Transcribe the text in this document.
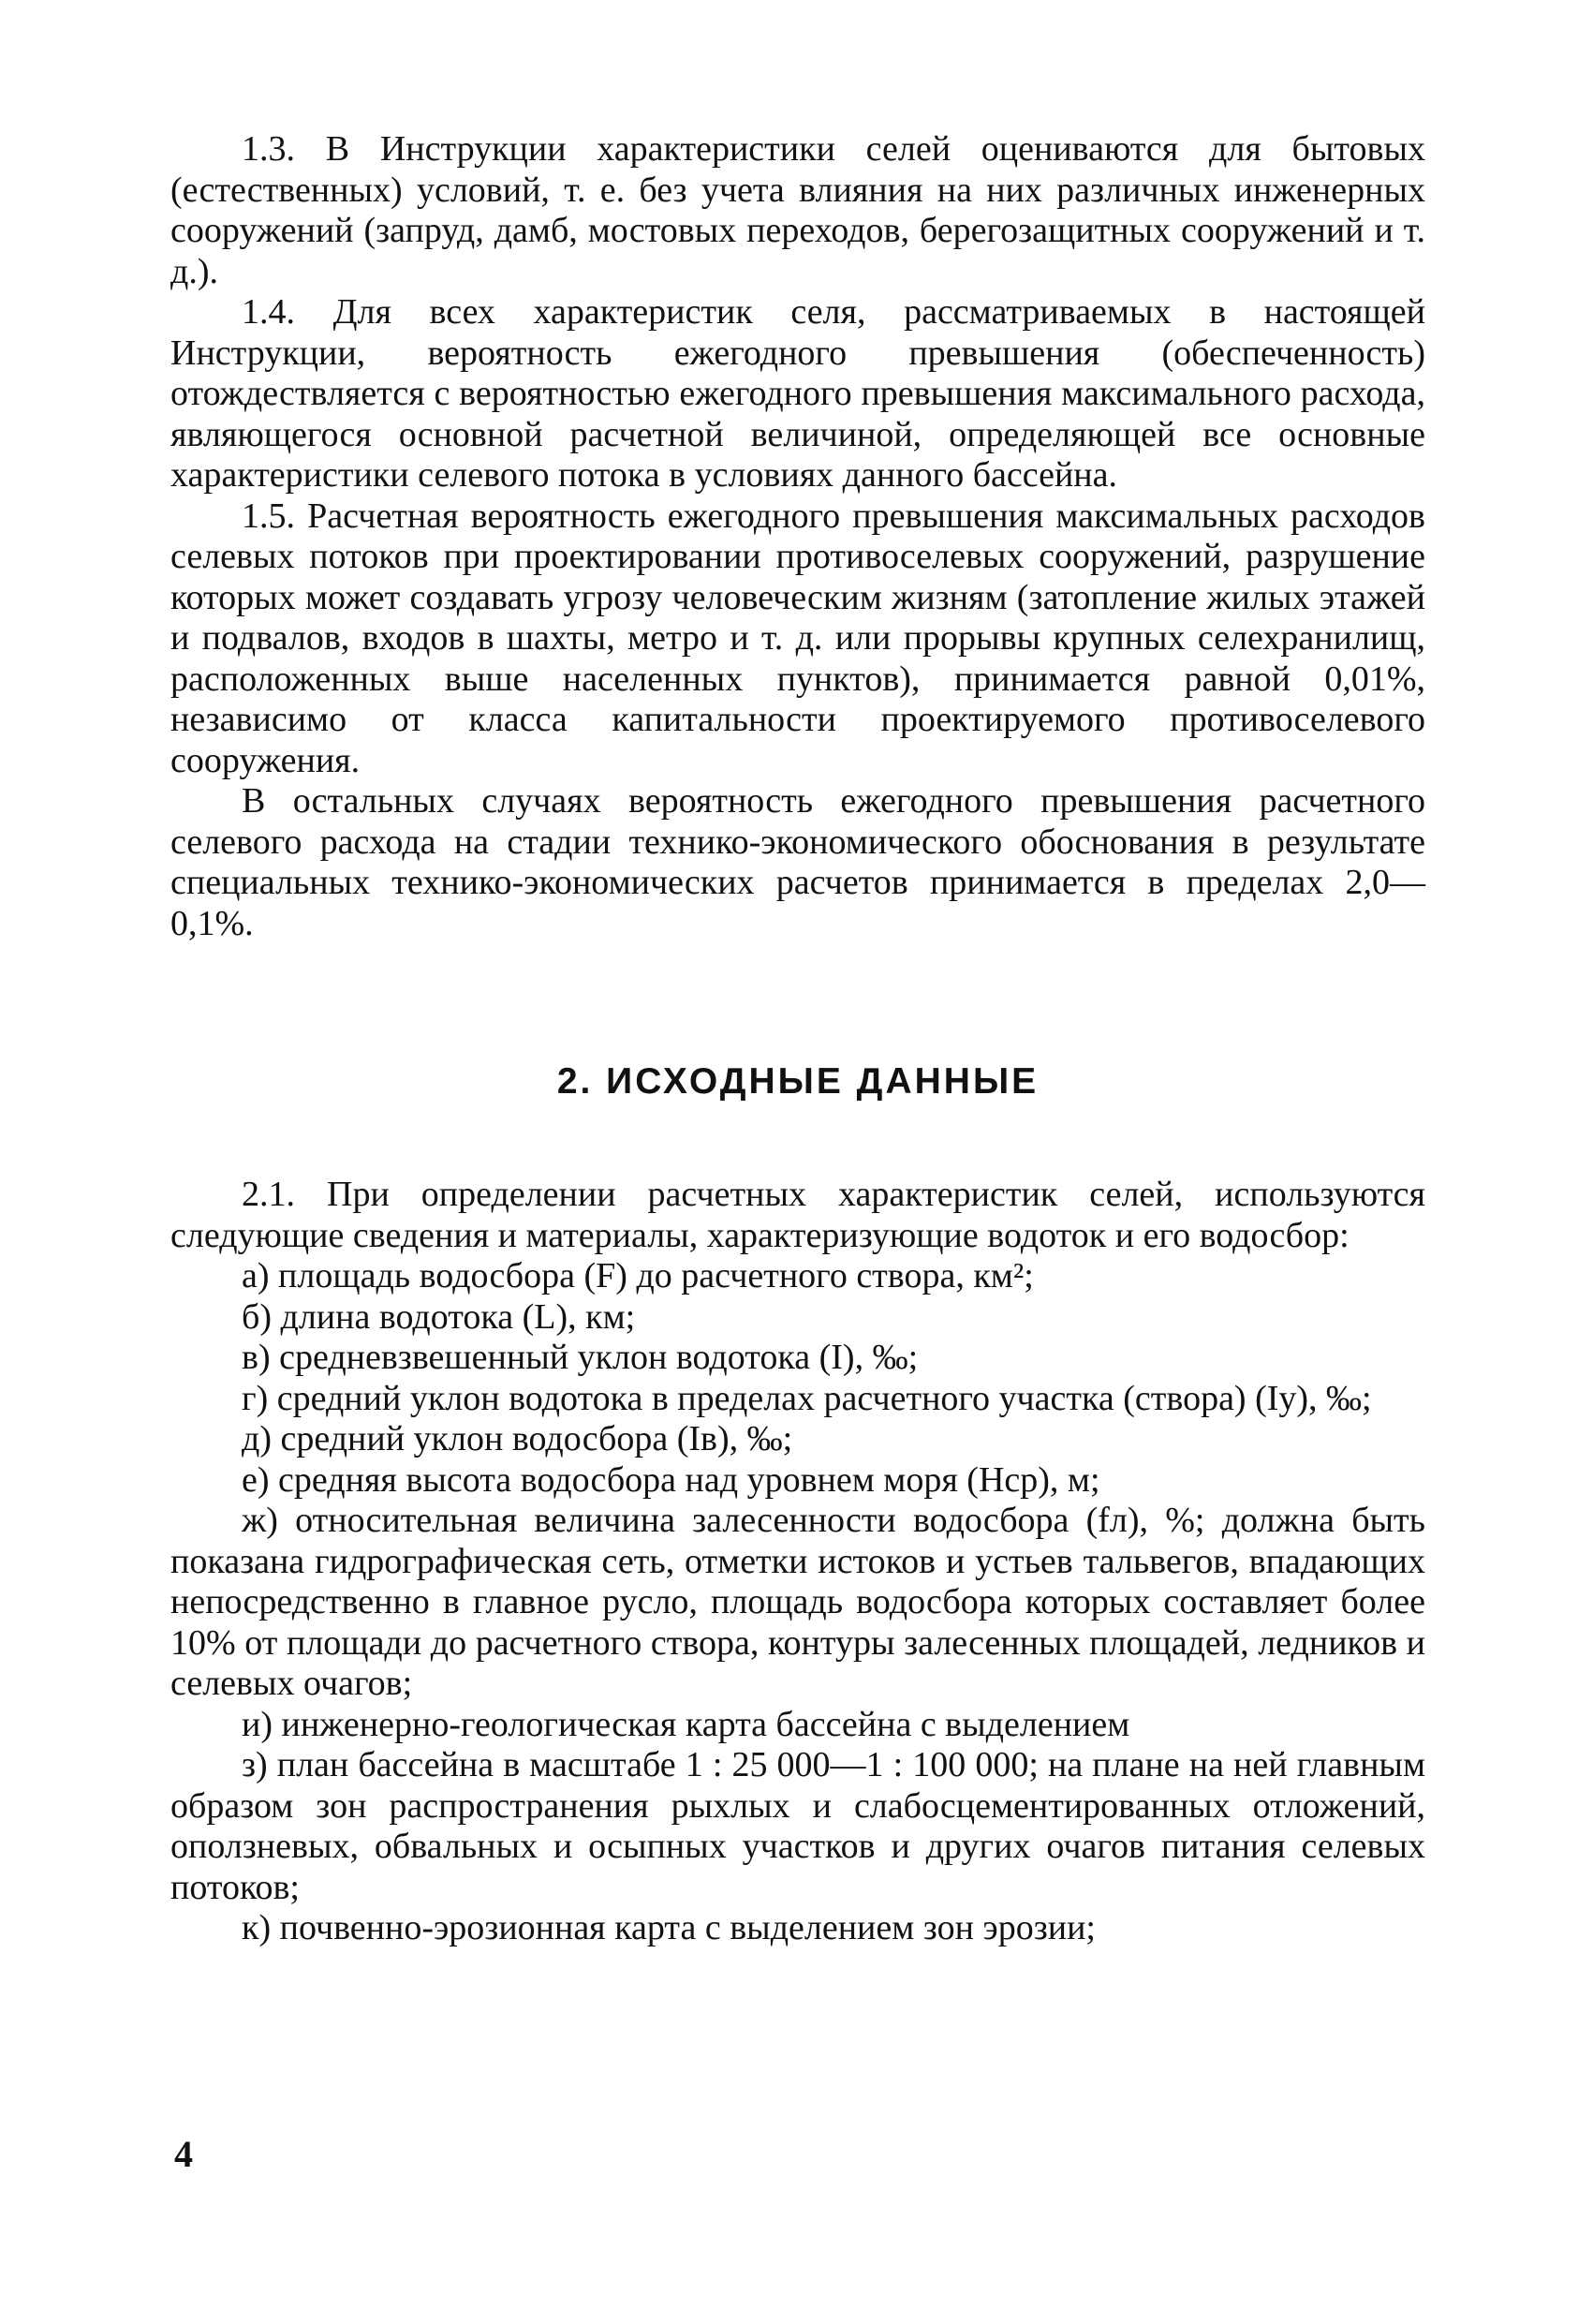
1.3. В Инструкции характеристики селей оцениваются для бытовых (естественных) условий, т. е. без учета влияния на них различных инженерных сооружений (запруд, дамб, мостовых переходов, берегозащитных сооружений и т. д.).

1.4. Для всех характеристик селя, рассматриваемых в настоящей Инструкции, вероятность ежегодного превышения (обеспеченность) отождествляется с вероятностью ежегодного превышения максимального расхода, являющегося основной расчетной величиной, определяющей все основные характеристики селевого потока в условиях данного бассейна.

1.5. Расчетная вероятность ежегодного превышения максимальных расходов селевых потоков при проектировании противоселевых сооружений, разрушение которых может создавать угрозу человеческим жизням (затопление жилых этажей и подвалов, входов в шахты, метро и т. д. или прорывы крупных селехранилищ, расположенных выше населенных пунктов), принимается равной 0,01%, независимо от класса капитальности проектируемого противоселевого сооружения.

В остальных случаях вероятность ежегодного превышения расчетного селевого расхода на стадии технико-экономического обоснования в результате специальных технико-экономических расчетов принимается в пределах 2,0—0,1%.

2. ИСХОДНЫЕ ДАННЫЕ

2.1. При определении расчетных характеристик селей, используются следующие сведения и материалы, характеризующие водоток и его водосбор:

а) площадь водосбора (F) до расчетного створа, км²;

б) длина водотока (L), км;

в) средневзвешенный уклон водотока (I), ‰;

г) средний уклон водотока в пределах расчетного участка (створа) (Iу), ‰;

д) средний уклон водосбора (Iв), ‰;

е) средняя высота водосбора над уровнем моря (Hср), м;

ж) относительная величина залесенности водосбора (fл), %; должна быть показана гидрографическая сеть, отметки истоков и устьев тальвегов, впадающих непосредственно в главное русло, площадь водосбора которых составляет более 10% от площади до расчетного створа, контуры залесенных площадей, ледников и селевых очагов;

и) инженерно-геологическая карта бассейна с выделением

з) план бассейна в масштабе 1 : 25 000—1 : 100 000; на плане на ней главным образом зон распространения рыхлых и слабосцементированных отложений, оползневых, обвальных и осыпных участков и других очагов питания селевых потоков;

к) почвенно-эрозионная карта с выделением зон эрозии;

4
